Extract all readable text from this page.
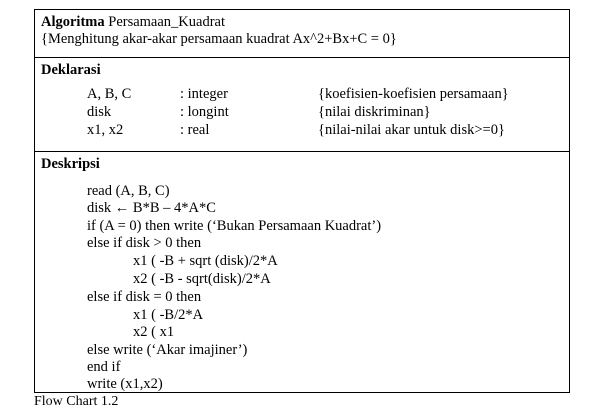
Algoritma Persamaan_Kuadrat
{Menghitung akar-akar persamaan kuadrat Ax^2+Bx+C = 0}
Deklarasi
A, B, C	: integer	{koefisien-koefisien persamaan}
disk	: longint	{nilai diskriminan}
x1, x2	: real	{nilai-nilai akar untuk disk>=0}
Deskripsi
read (A, B, C)
disk ← B*B – 4*A*C
if (A = 0) then write (‘Bukan Persamaan Kuadrat’)
else if disk > 0 then
x1 ( -B + sqrt (disk)/2*A
x2 ( -B - sqrt(disk)/2*A
else if disk = 0 then
x1 ( -B/2*A
x2 ( x1
else write (‘Akar imajiner’)
end if
write (x1,x2)
Flow Chart 1.2
